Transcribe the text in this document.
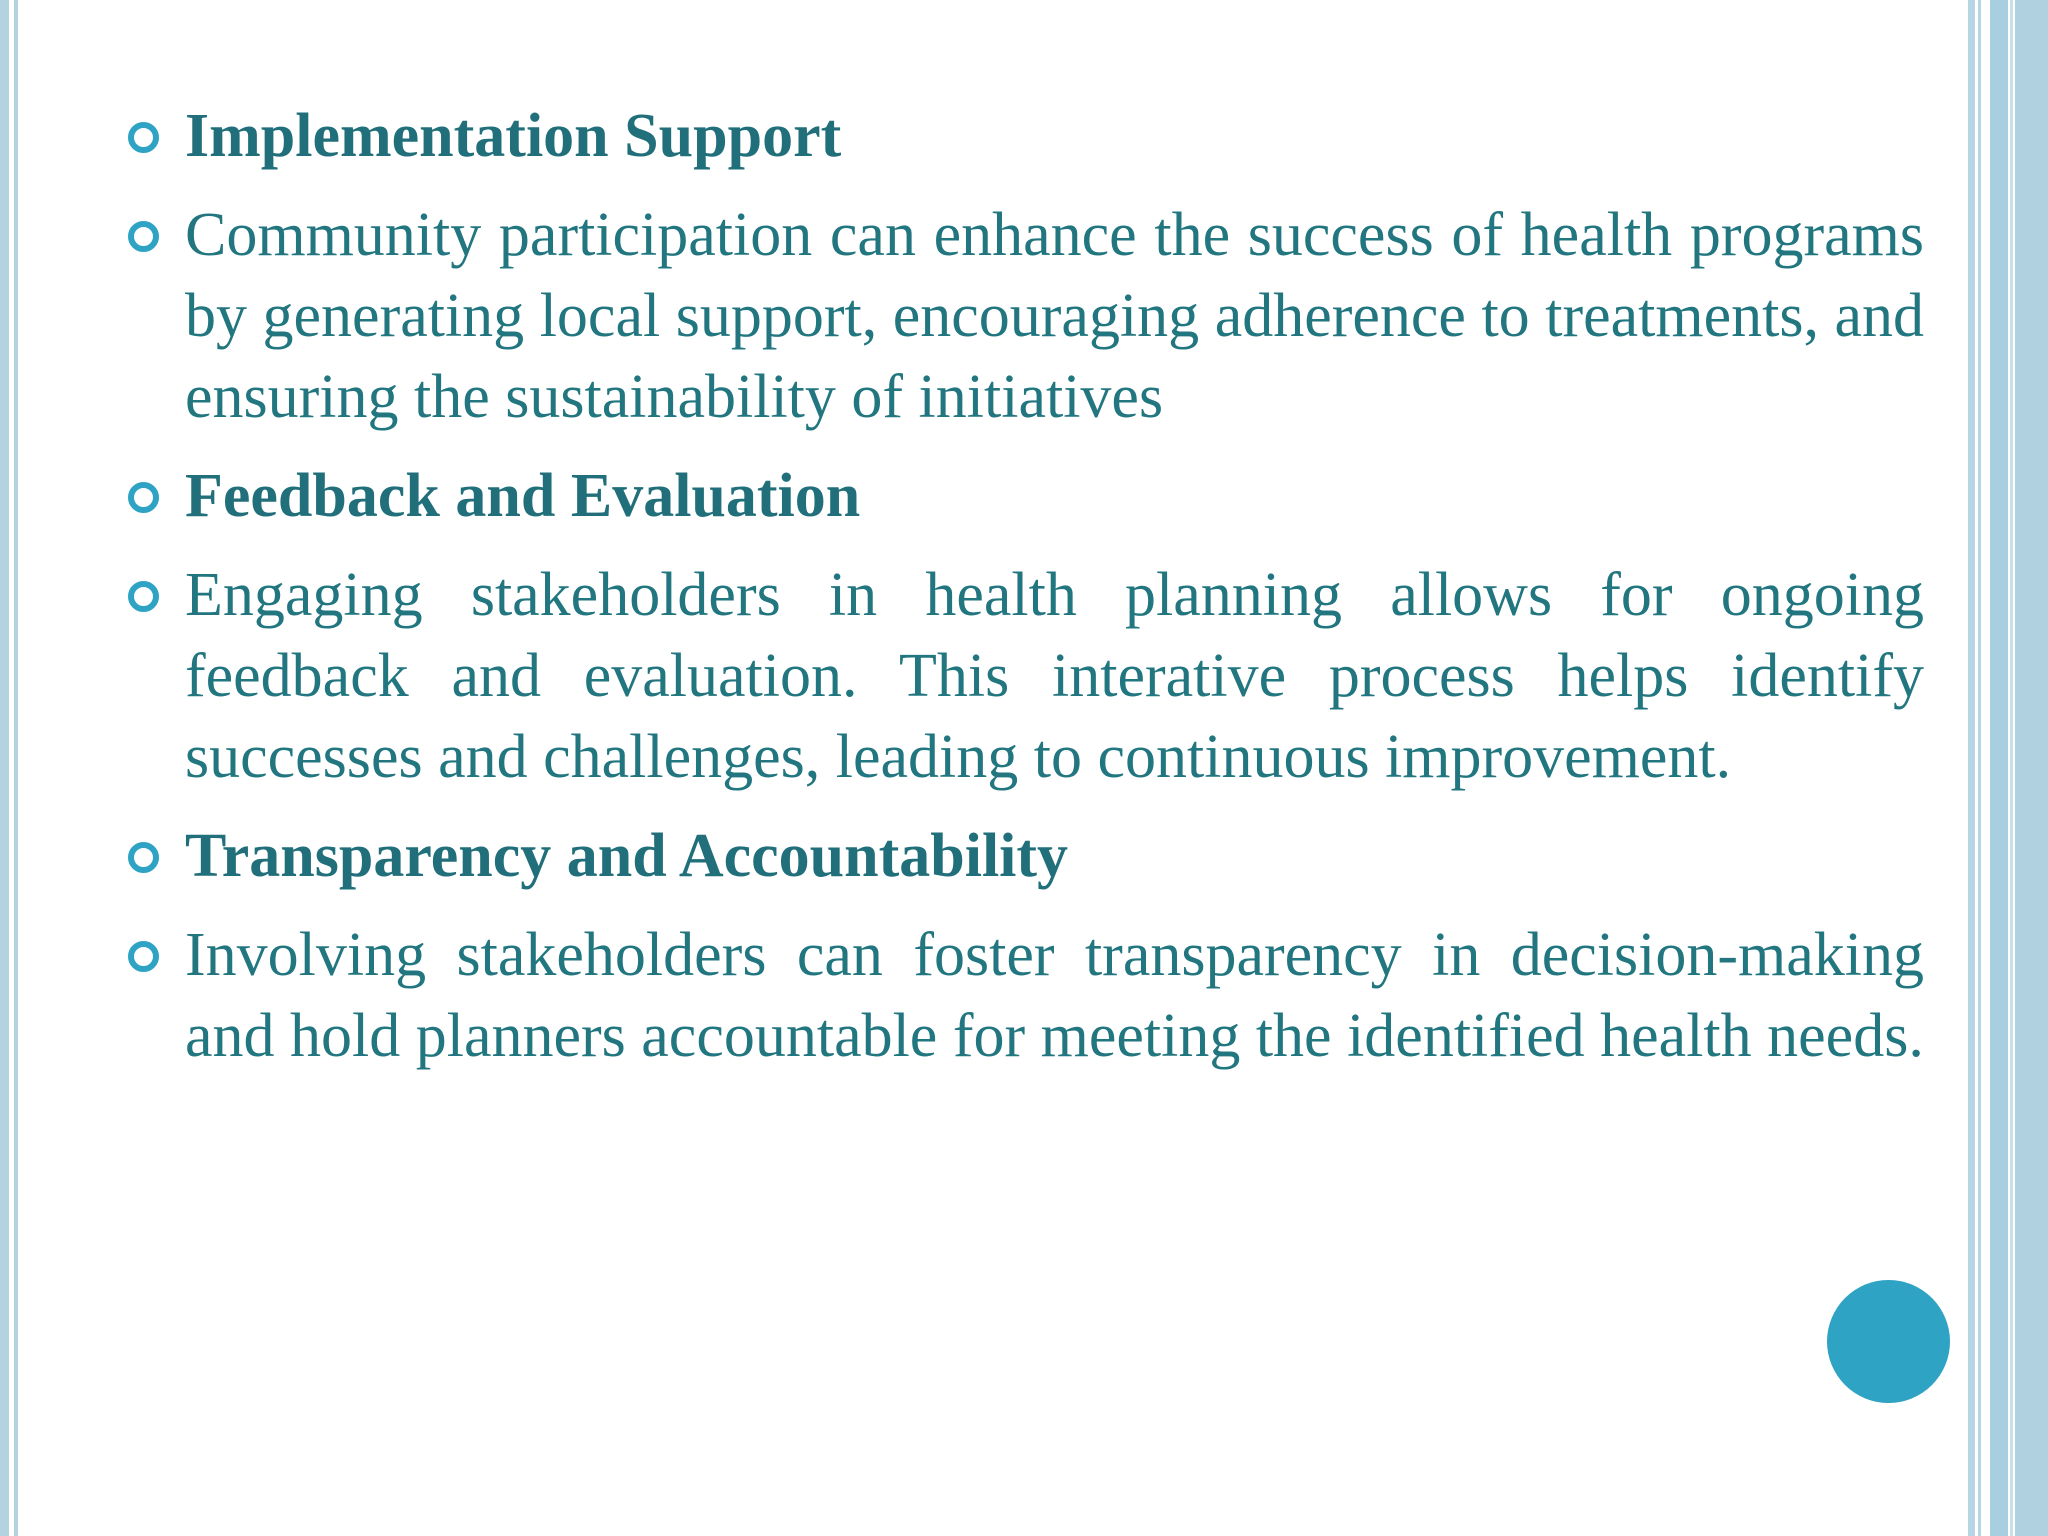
Implementation Support
Community participation can enhance the success of health programs by generating local support, encouraging adherence to treatments, and ensuring the sustainability of initiatives
Feedback and Evaluation
Engaging stakeholders in health planning allows for ongoing feedback and evaluation. This interative process helps identify successes and challenges, leading to continuous improvement.
Transparency and Accountability
Involving stakeholders can foster transparency in decision-making and hold planners accountable for meeting the identified health needs.
